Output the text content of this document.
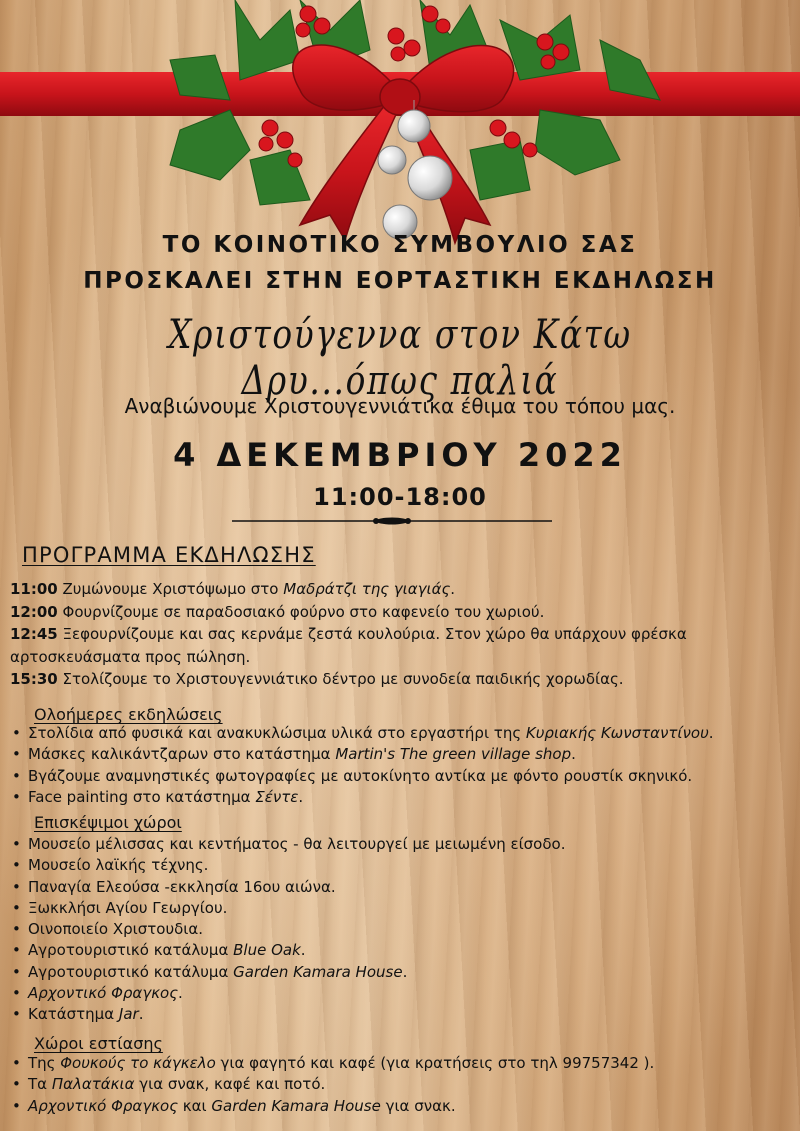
ΤΟ ΚΟΙΝΟΤΙΚΟ ΣΥΜΒΟΥΛΙΟ ΣΑΣ
ΠΡΟΣΚΑΛΕΙ ΣΤΗΝ ΕΟΡΤΑΣΤΙΚΗ ΕΚΔΗΛΩΣΗ
Χριστούγεννα στον Κάτω Δρυ...όπως παλιά
Αναβιώνουμε Χριστουγεννιάτικα έθιμα του τόπου μας.
4 ΔΕΚΕΜΒΡΙΟΥ 2022
11:00-18:00
ΠΡΟΓΡΑΜΜΑ ΕΚΔΗΛΩΣΗΣ
11:00 Ζυμώνουμε Χριστόψωμο στο Μαδράτζι της γιαγιάς.
12:00 Φουρνίζουμε σε παραδοσιακό φούρνο στο καφενείο του χωριού.
12:45 Ξεφουρνίζουμε και σας κερνάμε ζεστά κουλούρια. Στον χώρο θα υπάρχουν φρέσκα αρτοσκευάσματα προς πώληση.
15:30 Στολίζουμε το Χριστουγεννιάτικο δέντρο με συνοδεία παιδικής χορωδίας.
Ολοήμερες εκδηλώσεις
• Στολίδια από φυσικά και ανακυκλώσιμα υλικά στο εργαστήρι της Κυριακής Κωνσταντίνου.
• Μάσκες καλικάντζαρων στο κατάστημα Martin's The green village shop.
• Βγάζουμε αναμνηστικές φωτογραφίες με αυτοκίνητο αντίκα με φόντο ρουστίκ σκηνικό.
• Face painting στο κατάστημα Σέντε.
Επισκέψιμοι χώροι
• Μουσείο μέλισσας και κεντήματος - θα λειτουργεί με μειωμένη είσοδο.
• Μουσείο λαϊκής τέχνης.
• Παναγία Ελεούσα -εκκλησία 16ου αιώνα.
• Ξωκκλήσι Αγίου Γεωργίου.
• Οινοποιείο Χριστουδια.
• Αγροτουριστικό κατάλυμα Blue Oak.
• Αγροτουριστικό κατάλυμα Garden Kamara House.
• Αρχοντικό Φραγκος.
• Κατάστημα Jar.
Χώροι εστίασης
• Της Φουκούς το κάγκελο για φαγητό και καφέ (για κρατήσεις στο τηλ 99757342 ).
• Τα Παλατάκια για σνακ, καφέ και ποτό.
• Αρχοντικό Φραγκος και Garden Kamara House για σνακ.
